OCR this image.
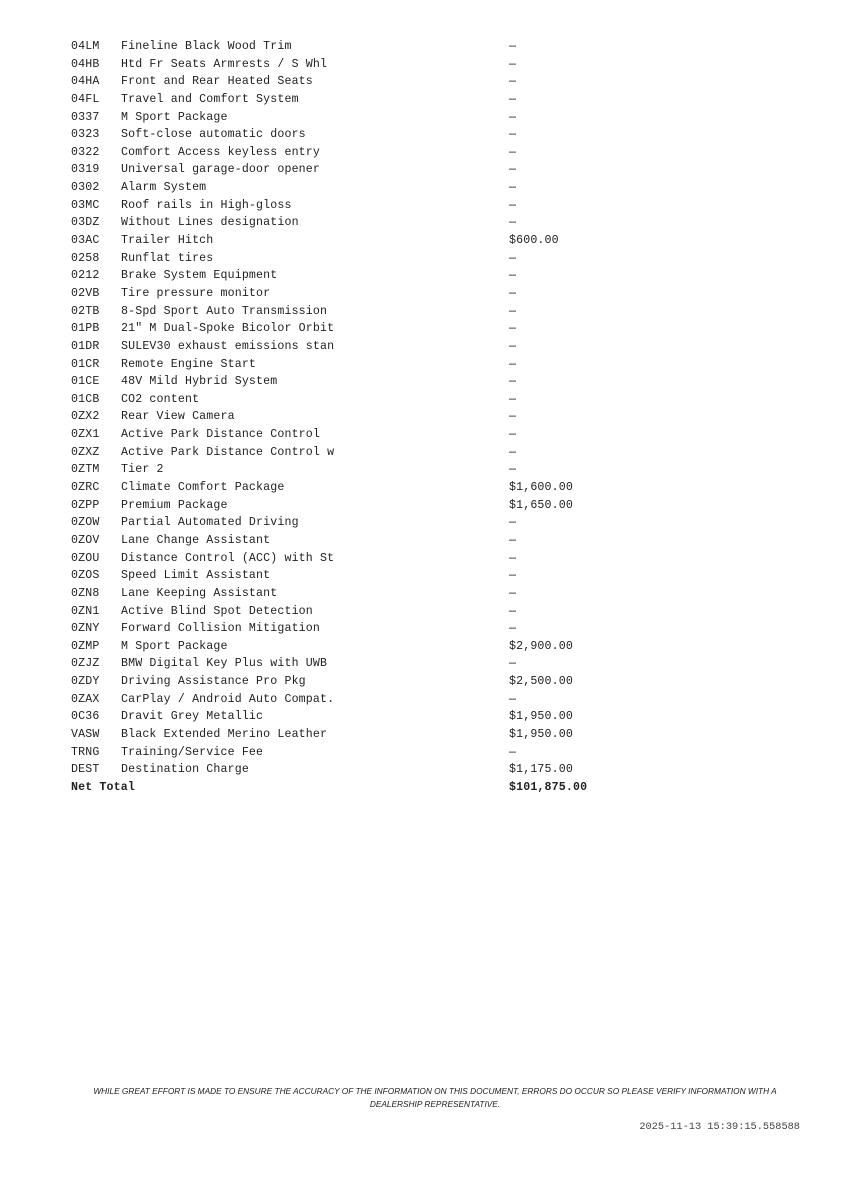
04LM Fineline Black Wood Trim	—
04HB Htd Fr Seats Armrests / S Whl	—
04HA Front and Rear Heated Seats	—
04FL Travel and Comfort System	—
0337 M Sport Package	—
0323 Soft-close automatic doors	—
0322 Comfort Access keyless entry	—
0319 Universal garage-door opener	—
0302 Alarm System	—
03MC Roof rails in High-gloss	—
03DZ Without Lines designation	—
03AC Trailer Hitch	$600.00
0258 Runflat tires	—
0212 Brake System Equipment	—
02VB Tire pressure monitor	—
02TB 8-Spd Sport Auto Transmission	—
01PB 21" M Dual-Spoke Bicolor Orbit	—
01DR SULEV30 exhaust emissions stan	—
01CR Remote Engine Start	—
01CE 48V Mild Hybrid System	—
01CB CO2 content	—
0ZX2 Rear View Camera	—
0ZX1 Active Park Distance Control	—
0ZXZ Active Park Distance Control w	—
0ZTM Tier 2	—
0ZRC Climate Comfort Package	$1,600.00
0ZPP Premium Package	$1,650.00
0ZOW Partial Automated Driving	—
0ZOV Lane Change Assistant	—
0ZOU Distance Control (ACC) with St	—
0ZOS Speed Limit Assistant	—
0ZN8 Lane Keeping Assistant	—
0ZN1 Active Blind Spot Detection	—
0ZNY Forward Collision Mitigation	—
0ZMP M Sport Package	$2,900.00
0ZJZ BMW Digital Key Plus with UWB	—
0ZDY Driving Assistance Pro Pkg	$2,500.00
0ZAX CarPlay / Android Auto Compat.	—
0C36 Dravit Grey Metallic	$1,950.00
VASW Black Extended Merino Leather	$1,950.00
TRNG Training/Service Fee	—
DEST Destination Charge	$1,175.00
Net Total	$101,875.00
WHILE GREAT EFFORT IS MADE TO ENSURE THE ACCURACY OF THE INFORMATION ON THIS DOCUMENT, ERRORS DO OCCUR SO PLEASE VERIFY INFORMATION WITH A DEALERSHIP REPRESENTATIVE.
2025-11-13 15:39:15.558588
